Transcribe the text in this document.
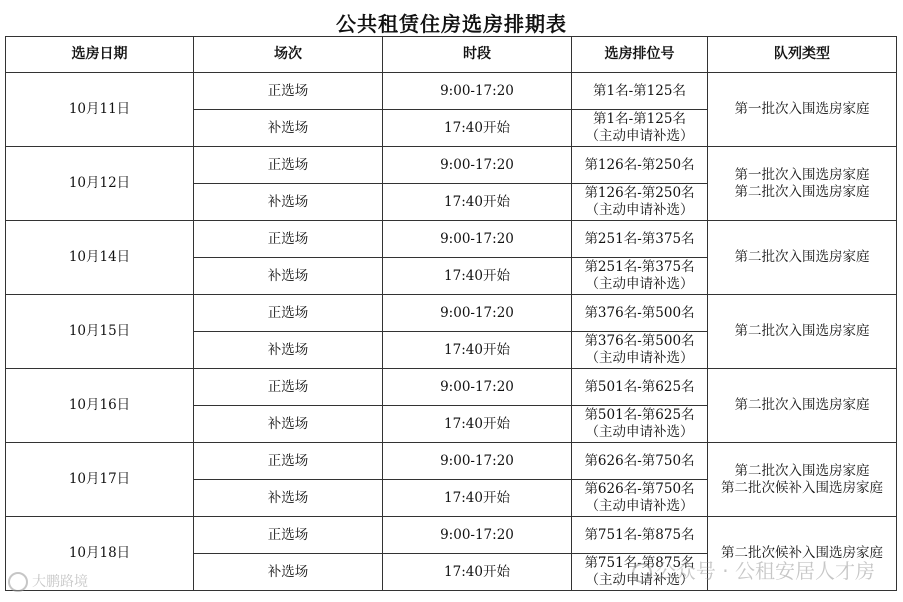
公共租赁住房选房排期表
选房日期	场次	时段	选房排位号	队列类型
10月11日	正选场	9:00-17:20	第1名-第125名	第一批次入围选房家庭

	补选场	17:40开始	第1名-第125名
（主动申请补选）	

10月12日	正选场	9:00-17:20	第126名-第250名	第一批次入围选房家庭
第二批次入围选房家庭

	补选场	17:40开始	第126名-第250名
（主动申请补选）	

10月14日	正选场	9:00-17:20	第251名-第375名	第二批次入围选房家庭

	补选场	17:40开始	第251名-第375名
（主动申请补选）	

10月15日	正选场	9:00-17:20	第376名-第500名	第二批次入围选房家庭

	补选场	17:40开始	第376名-第500名
（主动申请补选）	

10月16日	正选场	9:00-17:20	第501名-第625名	第二批次入围选房家庭

	补选场	17:40开始	第501名-第625名
（主动申请补选）	

10月17日	正选场	9:00-17:20	第626名-第750名	第二批次入围选房家庭
第二批次候补入围选房家庭

	补选场	17:40开始	第626名-第750名
（主动申请补选）	

10月18日	正选场	9:00-17:20	第751名-第875名	第二批次候补入围选房家庭

	补选场	17:40开始	第751名-第875名
（主动申请补选）	
大鹏路境	公众号 · 公租安居人才房
